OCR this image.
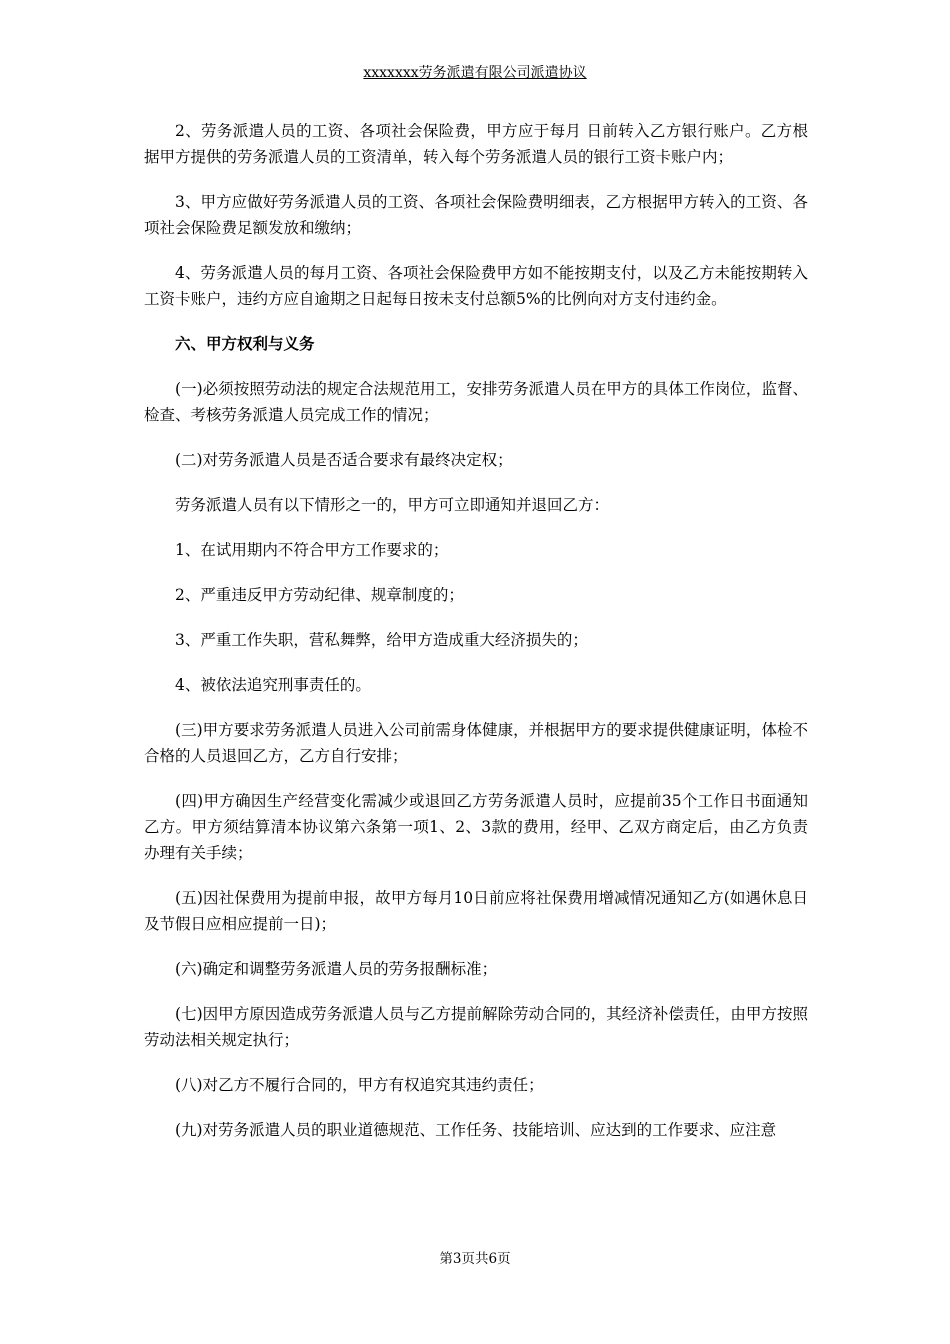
xxxxxxx劳务派遣有限公司派遣协议

2、劳务派遣人员的工资、各项社会保险费，甲方应于每月 日前转入乙方银行账户。乙方根据甲方提供的劳务派遣人员的工资清单，转入每个劳务派遣人员的银行工资卡账户内；

3、甲方应做好劳务派遣人员的工资、各项社会保险费明细表，乙方根据甲方转入的工资、各项社会保险费足额发放和缴纳；

4、劳务派遣人员的每月工资、各项社会保险费甲方如不能按期支付，以及乙方未能按期转入工资卡账户，违约方应自逾期之日起每日按未支付总额5%的比例向对方支付违约金。

六、甲方权利与义务

(一)必须按照劳动法的规定合法规范用工，安排劳务派遣人员在甲方的具体工作岗位，监督、检查、考核劳务派遣人员完成工作的情况；

(二)对劳务派遣人员是否适合要求有最终决定权；

劳务派遣人员有以下情形之一的，甲方可立即通知并退回乙方：

1、在试用期内不符合甲方工作要求的；

2、严重违反甲方劳动纪律、规章制度的；

3、严重工作失职，营私舞弊，给甲方造成重大经济损失的；

4、被依法追究刑事责任的。

(三)甲方要求劳务派遣人员进入公司前需身体健康，并根据甲方的要求提供健康证明，体检不合格的人员退回乙方，乙方自行安排；

(四)甲方确因生产经营变化需减少或退回乙方劳务派遣人员时，应提前35个工作日书面通知乙方。甲方须结算清本协议第六条第一项1、2、3款的费用，经甲、乙双方商定后，由乙方负责办理有关手续；

(五)因社保费用为提前申报，故甲方每月10日前应将社保费用增减情况通知乙方(如遇休息日及节假日应相应提前一日)；

(六)确定和调整劳务派遣人员的劳务报酬标准；

(七)因甲方原因造成劳务派遣人员与乙方提前解除劳动合同的，其经济补偿责任，由甲方按照劳动法相关规定执行；

(八)对乙方不履行合同的，甲方有权追究其违约责任；

(九)对劳务派遣人员的职业道德规范、工作任务、技能培训、应达到的工作要求、应注意

第3页共6页
